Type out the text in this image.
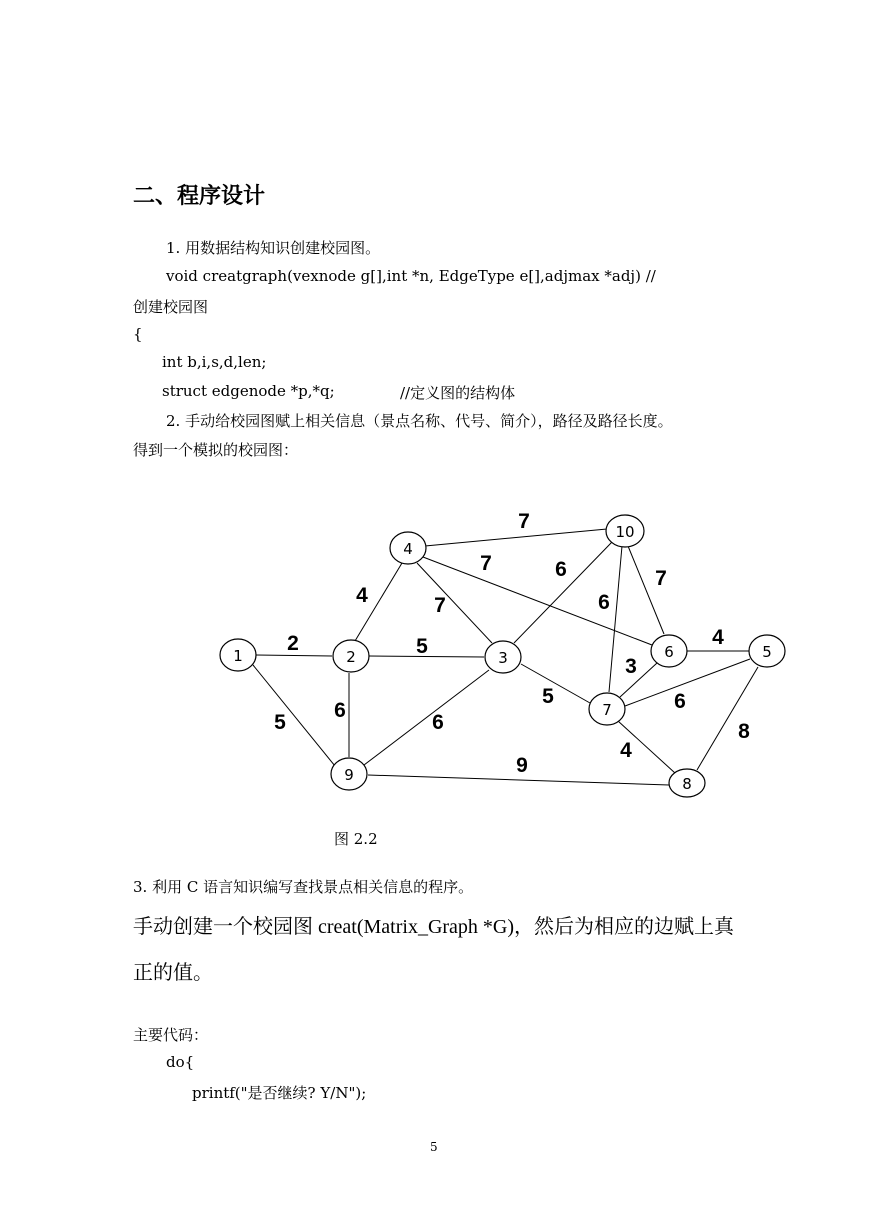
二、程序设计
1. 用数据结构知识创建校园图。
void creatgraph(vexnode g[],int *n, EdgeType e[],adjmax *adj) //
创建校园图
{
int b,i,s,d,len;
struct edgenode *p,*q;	//定义图的结构体
2. 手动给校园图赋上相关信息（景点名称、代号、简介），路径及路径长度。
得到一个模拟的校园图：
1	2	3
4
5
6
7
8
9
10
2
5
4
5
6
7
7
7
6
5
6
6
7
4
3
6
4
8
9
图 2.2
3. 利用 C 语言知识编写查找景点相关信息的程序。
手动创建一个校园图 creat(Matrix_Graph *G)，然后为相应的边赋上真
正的值。
主要代码：
do{
printf("是否继续? Y/N");
5
